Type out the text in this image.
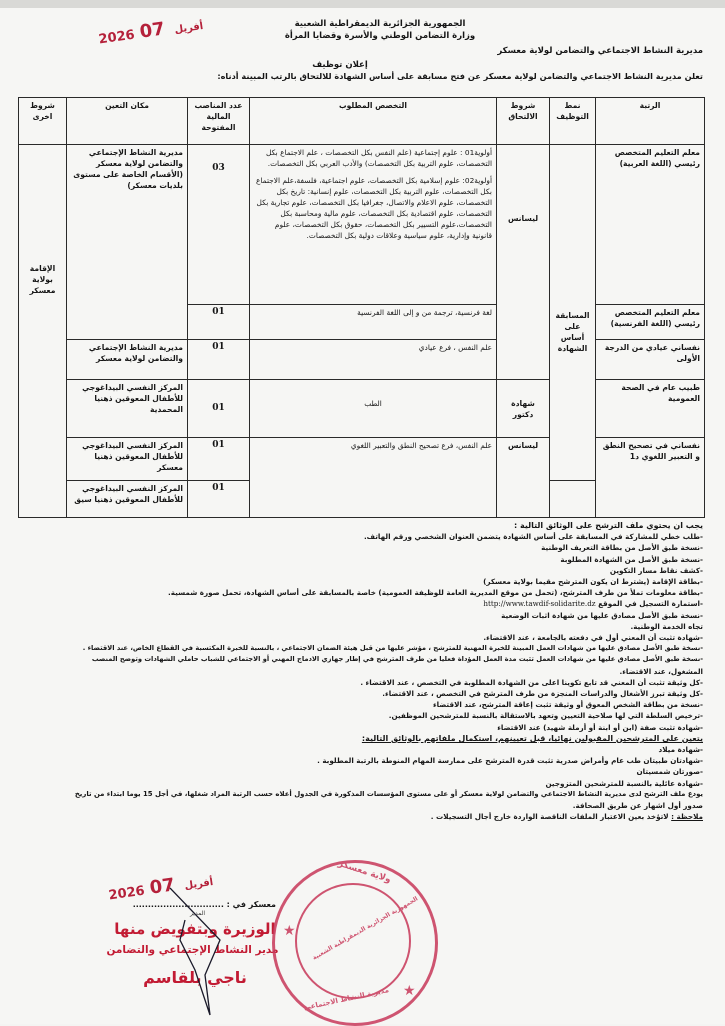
الجمهورية الجزائرية الديمقراطية الشعبية
وزارة التضامن الوطني والأسرة وقضايا المرأة
مديرية النشاط الاجتماعي والتضامن لولاية معسكر
إعلان توظيف
تعلن مديرية النشاط الاجتماعي والتضامن لولاية معسكر عن فتح مسابقة على أساس الشهادة للالتحاق بالرتب المبينة أدناه:
2026	أفريل 07
الرتبة	نمط التوظيف	شروط الالتحاق	التخصص المطلوب	عدد المناصب المالية المفتوحة	مكان التعين	شروط اخرى
معلم التعليم المتخصص رئيسي (اللغة العربية)	المسابقة على أساس الشهادة	ليسانس	أولوية01 : علوم إجتماعية (علم النفس بكل التخصصات ، علم الاجتماع بكل التخصصات، علوم التربية بكل التخصصات) والأدب العربي بكل التخصصات.
أولوية02: علوم إسلامية بكل التخصصات، علوم اجتماعية، فلسفة،علم الاجتماع بكل التخصصات، علوم التربية بكل التخصصات، علوم إنسانية: تاريخ بكل التخصصات، علوم الاعلام والاتصال، جغرافيا بكل التخصصات، علوم تجارية بكل التخصصات، علوم اقتصادية بكل التخصصات، علوم مالية ومحاسبة بكل التخصصات،علوم التسيير بكل التخصصات، حقوق بكل التخصصات، علوم قانونية وإدارية، علوم سياسية وعلاقات دولية بكل التخصصات.	03	مديرية النشاط الإجتماعي والتضامن لولاية معسكر (الأقسام الخاصة على مستوى بلديات معسكر)	الإقامة بولاية معسكر
معلم التعليم المتخصص رئيسي (اللغة الفرنسية)			لغة فرنسية، ترجمة من و إلى اللغة الفرنسية	01		
نفساني عيادي من الدرجة الأولى			علم النفس ، فرع عيادي	01	مديرية النشاط الإجتماعي والتضامن لولاية معسكر	
طبيب عام في الصحة العمومية		شهادة دكتور	الطب	01	المركز النفسي البيداغوجي للأطفال المعوقين ذهنيا المحمدية	
نفساني في تصحيح النطق و التعبير اللغوي د1		ليسانس	علم النفس، فرع تصحيح النطق والتعبير اللغوي	01	المركز النفسي البيداغوجي للأطفال المعوقين ذهنيا معسكر	
				01	المركز النفسي البيداغوجي للأطفال المعوقين ذهنيا سيق	
يجب ان يحتوي ملف الترشح على الوثائق التالية :
-طلب خطي للمشاركة في المسابقة على أساس الشهادة يتضمن العنوان الشخصي ورقم الهاتف.
-نسخة طبق الأصل من بطاقة التعريف الوطنية
-نسخة طبق الأصل من الشهادة المطلوبة
-كشف نقاط مسار التكوين
-بطاقة الإقامة (يشترط ان يكون المترشح مقيما بولاية معسكر)
-بطاقة معلومات تملأ من طرف المترشح، (تحمل من موقع المديرية العامة للوظيفة العمومية) خاصة بالمسابقة على أساس الشهادة، تحمل صورة شمسية.
-استمارة التسجيل في الموقع http://www.tawdif-solidarite.dz
-نسخة طبق الأصل مصادق عليها من شهادة اثبات الوضعية
تجاه الخدمة الوطنية.
-شهادة تثبت أن المعني أول في دفعته بالجامعة ، عند الاقتضاء.
-نسخة طبق الأصل مصادق عليها من شهادات العمل المبينة للخبرة المهنية للمترشح ، مؤشر عليها من قبل هيئة الضمان الاجتماعي ، بالنسبة للخبرة المكتسبة في القطاع الخاص، عند الاقتضاء .
-نسخة طبق الأصل مصادق عليها من شهادات العمل تثبت مدة العمل المؤداة فعليا من طرف المترشح في إطار جهازي الادماج المهني أو الاجتماعي للشباب حاملي الشهادات وتوضح المنصب
المشغول، عند الاقتضاء.
-كل وثيقة تثبت أن المعني قد تابع تكوينا اعلى من الشهادة المطلوبة في التخصص ، عند الاقتضاء .
-كل وثيقة تبرز الأشغال والدراسات المنجزة من طرف المترشح في التخصص ، عند الاقتضاء.
-نسخة من بطاقة الشخص المعوق أو وثيقة تثبت إعاقة المترشح، عند الاقتضاء
-ترخيص السلطة التي لها صلاحية التعيين وتعهد بالاستقالة بالنسبة للمترشحين الموظفين.
-شهادة تثبت صفة (ابن أو ابنة أو أرملة شهيد) عند الاقتضاء
يتعين على المترشحين المقبولين نهائيا، قبل تعيينهم، استكمال ملفاتهم بالوثائق التالية:
-شهادة ميلاد
-شهادتان طبيتان طب عام وأمراض صدرية تثبت قدرة المترشح على ممارسة المهام المنوطة بالرتبة المطلوبة .
-صورتان شمسيتان
-شهادة عائلية بالنسبة للمترشحين المتزوجين
يودع ملف الترشح لدى مديرية النشاط الاجتماعي والتضامن لولاية معسكر أو على مستوى المؤسسات المذكورة في الجدول أعلاه حسب الرتبة المراد شغلها، في أجل 15 يوما ابتداء من تاريخ
صدور أول اشهار عن طريق الصحافة.
ملاحظة : لاتؤخذ بعين الاعتبار الملفات الناقصة الواردة خارج أجال التسجيلات .
معسكر في : ..............................
2026	أفريل 07
المدير
الوزيرة وبتفويض منها
مدير النشاط الإجتماعي والتضامن
ناجي بلقاسم
★
★
ولاية معسكر
الجمهورية الجزائرية الديمقراطية الشعبية
مديرية النشاط الاجتماعي
